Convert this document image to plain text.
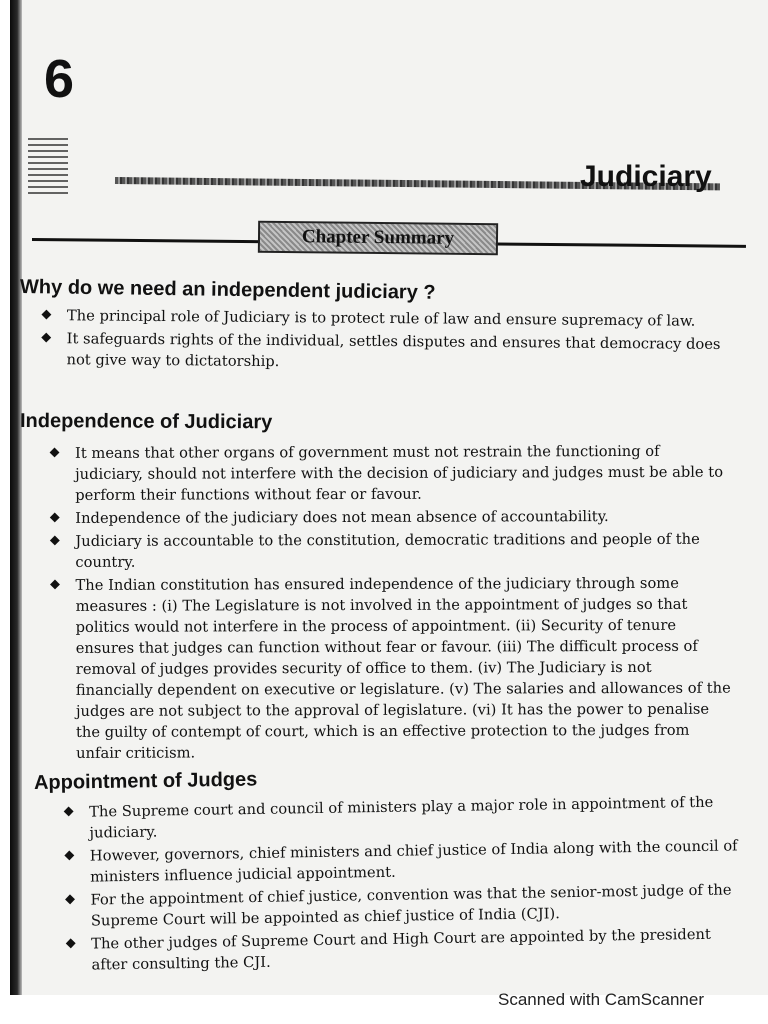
6
Judiciary
Chapter Summary
Why do we need an independent judiciary ?
The principal role of Judiciary is to protect rule of law and ensure supremacy of law.
It safeguards rights of the individual, settles disputes and ensures that democracy does not give way to dictatorship.
Independence of Judiciary
It means that other organs of government must not restrain the functioning of judiciary, should not interfere with the decision of judiciary and judges must be able to perform their functions without fear or favour.
Independence of the judiciary does not mean absence of accountability.
Judiciary is accountable to the constitution, democratic traditions and people of the country.
The Indian constitution has ensured independence of the judiciary through some measures : (i) The Legislature is not involved in the appointment of judges so that politics would not interfere in the process of appointment. (ii) Security of tenure ensures that judges can function without fear or favour. (iii) The difficult process of removal of judges provides security of office to them. (iv) The Judiciary is not financially dependent on executive or legislature. (v) The salaries and allowances of the judges are not subject to the approval of legislature. (vi) It has the power to penalise the guilty of contempt of court, which is an effective protection to the judges from unfair criticism.
Appointment of Judges
The Supreme court and council of ministers play a major role in appointment of the judiciary.
However, governors, chief ministers and chief justice of India along with the council of ministers influence judicial appointment.
For the appointment of chief justice, convention was that the senior-most judge of the Supreme Court will be appointed as chief justice of India (CJI).
The other judges of Supreme Court and High Court are appointed by the president after consulting the CJI.
Scanned with CamScanner
